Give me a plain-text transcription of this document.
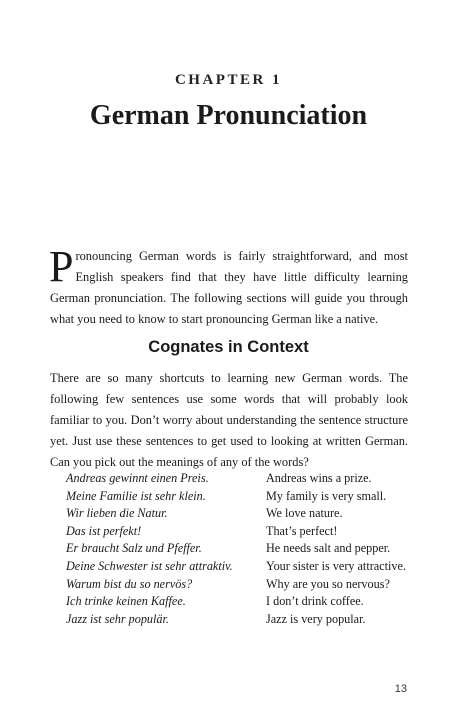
CHAPTER 1
German Pronunciation

Pronouncing German words is fairly straightforward, and most English speakers find that they have little difficulty learning German pronunciation. The following sections will guide you through what you need to know to start pronouncing German like a native.

Cognates in Context

There are so many shortcuts to learning new German words. The following few sentences use some words that will probably look familiar to you. Don’t worry about understanding the sentence structure yet. Just use these sentences to get used to looking at written German. Can you pick out the meanings of any of the words?

Andreas gewinnt einen Preis.	Andreas wins a prize.
Meine Familie ist sehr klein.	My family is very small.
Wir lieben die Natur.	We love nature.
Das ist perfekt!	That’s perfect!
Er braucht Salz und Pfeffer.	He needs salt and pepper.
Deine Schwester ist sehr attraktiv.	Your sister is very attractive.
Warum bist du so nervös?	Why are you so nervous?
Ich trinke keinen Kaffee.	I don’t drink coffee.
Jazz ist sehr populär.	Jazz is very popular.
13
